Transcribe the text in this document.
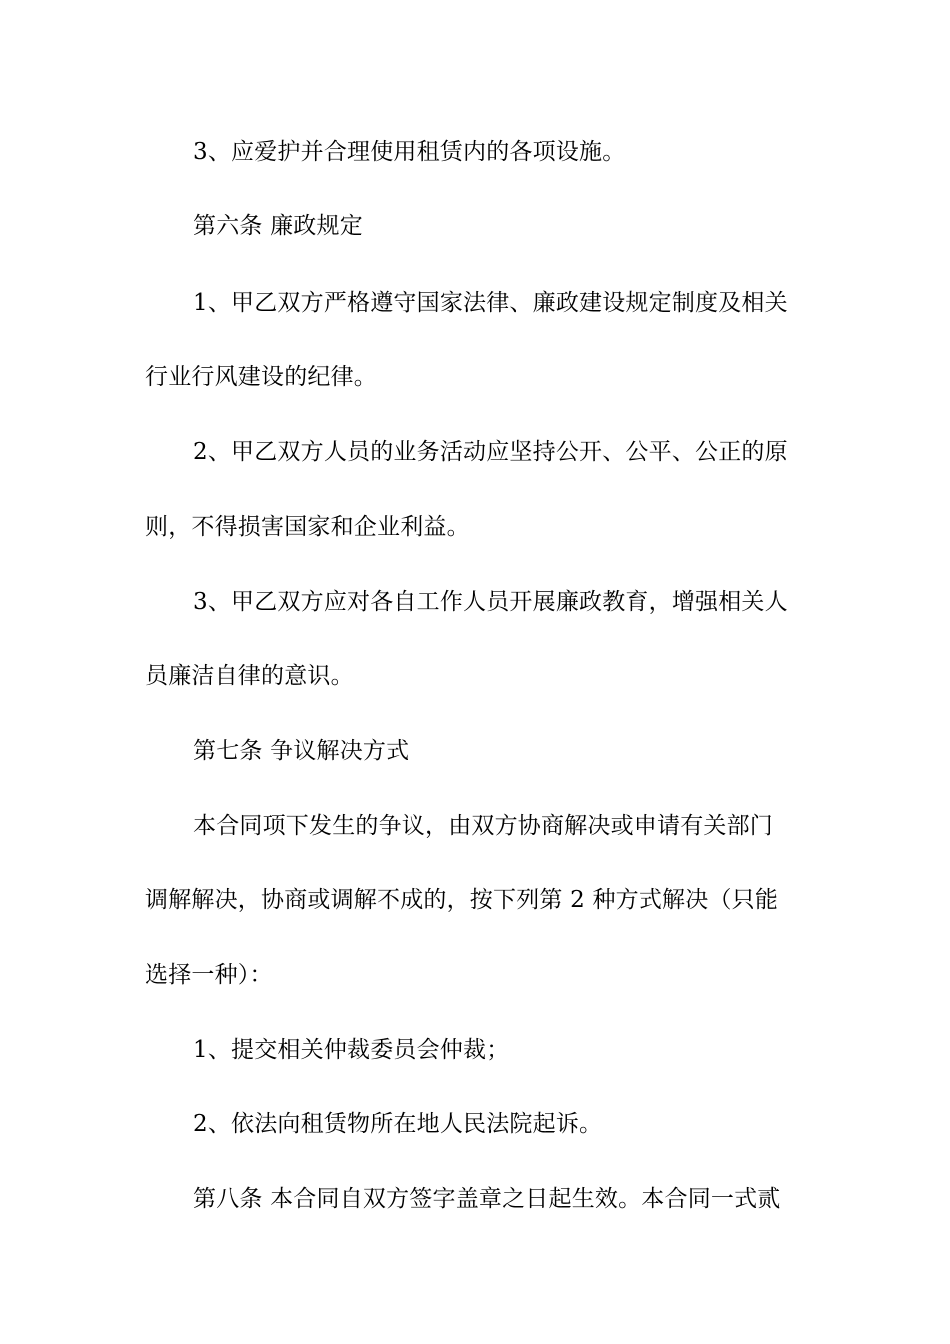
3、应爱护并合理使用租赁内的各项设施。
第六条 廉政规定
1、甲乙双方严格遵守国家法律、廉政建设规定制度及相关
行业行风建设的纪律。
2、甲乙双方人员的业务活动应坚持公开、公平、公正的原
则，不得损害国家和企业利益。
3、甲乙双方应对各自工作人员开展廉政教育，增强相关人
员廉洁自律的意识。
第七条 争议解决方式
本合同项下发生的争议，由双方协商解决或申请有关部门
调解解决，协商或调解不成的，按下列第 2 种方式解决（只能
选择一种）：
1、提交相关仲裁委员会仲裁；
2、依法向租赁物所在地人民法院起诉。
第八条 本合同自双方签字盖章之日起生效。本合同一式贰
